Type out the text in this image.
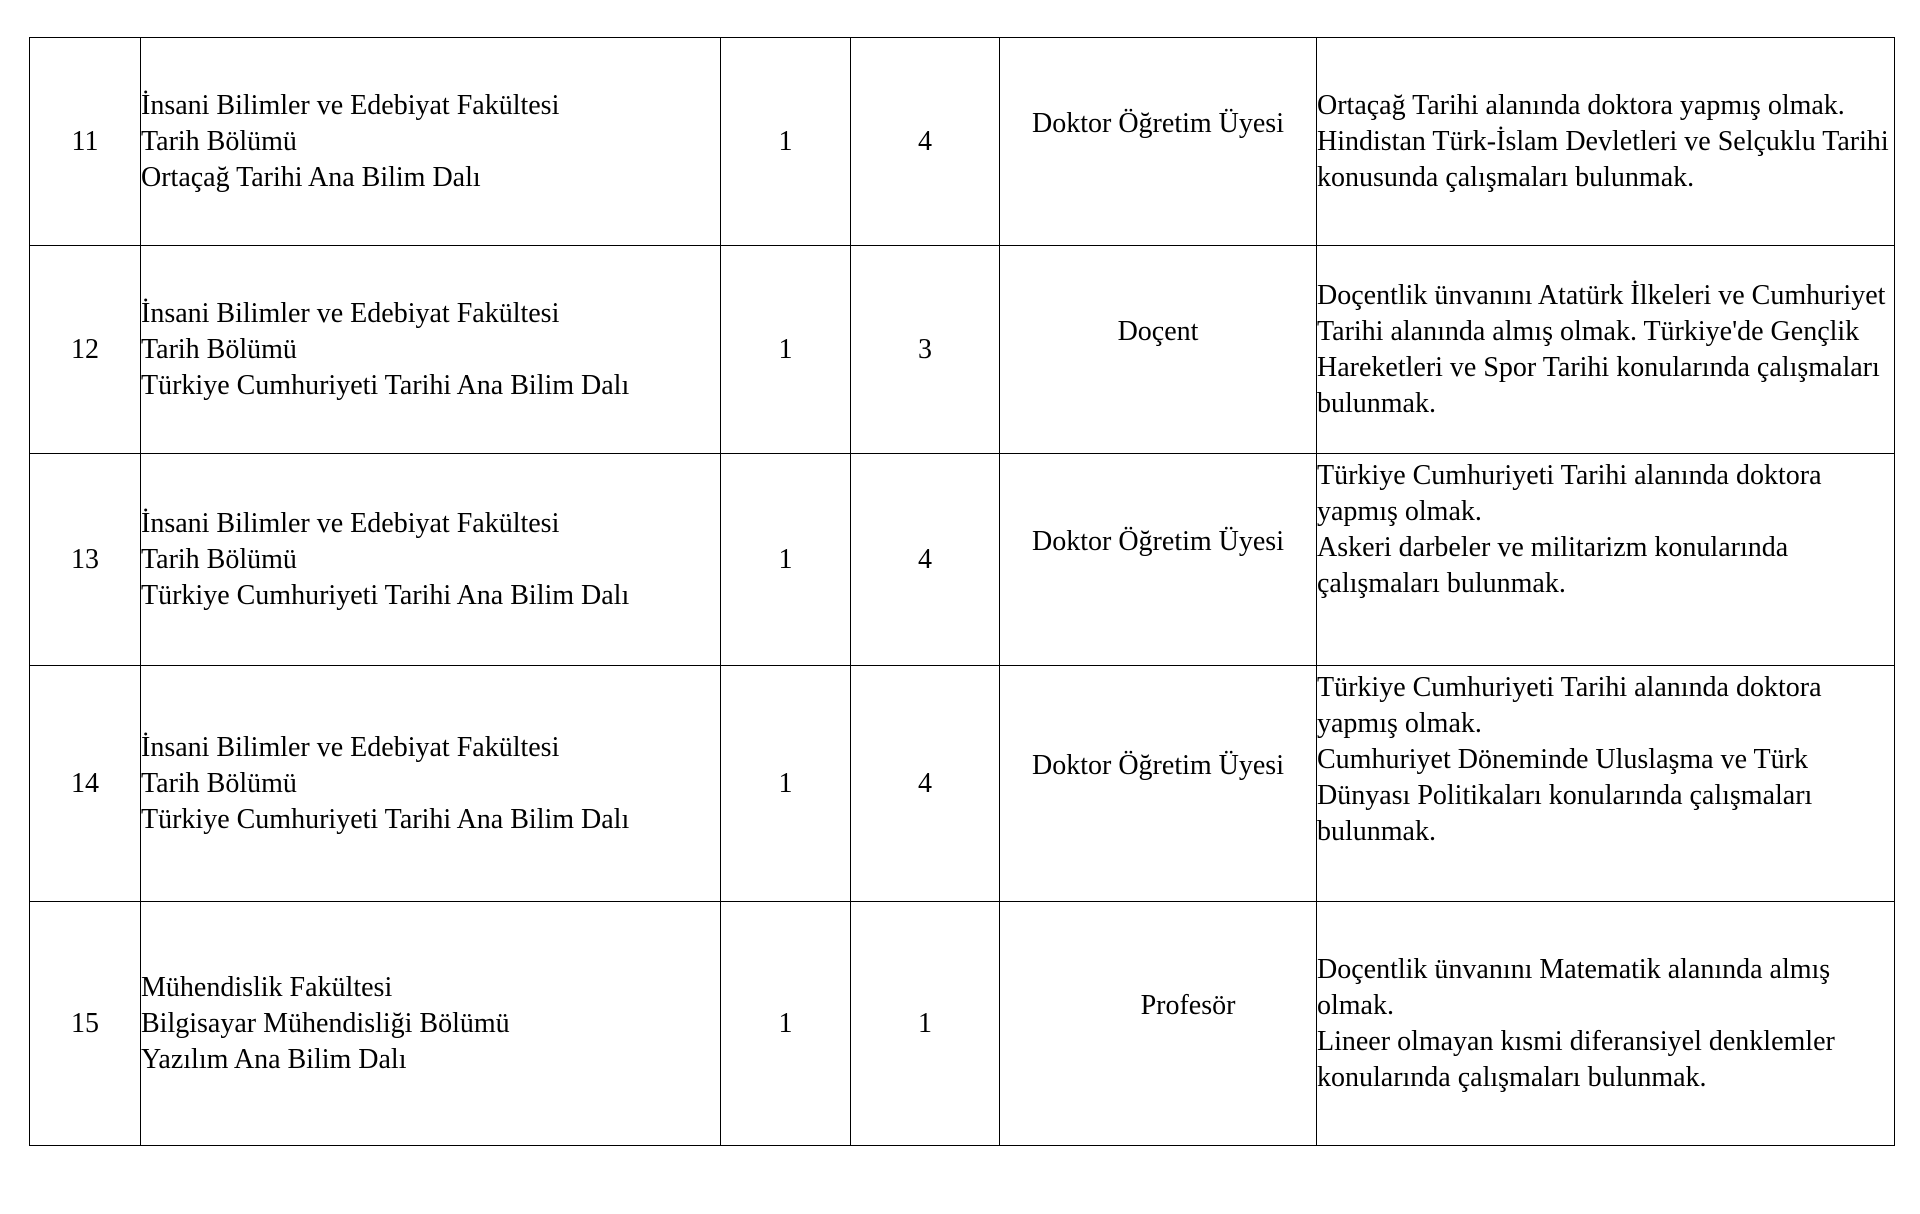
11	İnsani Bilimler ve Edebiyat Fakültesi
Tarih Bölümü
Ortaçağ Tarihi Ana Bilim Dalı	1	4	Doktor Öğretim Üyesi	Ortaçağ Tarihi alanında doktora yapmış olmak. Hindistan Türk-İslam Devletleri ve Selçuklu Tarihi konusunda çalışmaları bulunmak.

12	İnsani Bilimler ve Edebiyat Fakültesi
Tarih Bölümü
Türkiye Cumhuriyeti Tarihi Ana Bilim Dalı	1	3	Doçent	Doçentlik ünvanını Atatürk İlkeleri ve Cumhuriyet Tarihi alanında almış olmak. Türkiye'de Gençlik Hareketleri ve Spor Tarihi konularında çalışmaları bulunmak.

13	İnsani Bilimler ve Edebiyat Fakültesi
Tarih Bölümü
Türkiye Cumhuriyeti Tarihi Ana Bilim Dalı	1	4	Doktor Öğretim Üyesi	Türkiye Cumhuriyeti Tarihi alanında doktora yapmış olmak.
Askeri darbeler ve militarizm konularında çalışmaları bulunmak.

14	İnsani Bilimler ve Edebiyat Fakültesi
Tarih Bölümü
Türkiye Cumhuriyeti Tarihi Ana Bilim Dalı	1	4	Doktor Öğretim Üyesi	Türkiye Cumhuriyeti Tarihi alanında doktora yapmış olmak.
Cumhuriyet Döneminde Uluslaşma ve Türk Dünyası Politikaları konularında çalışmaları bulunmak.

15	Mühendislik Fakültesi
Bilgisayar Mühendisliği Bölümü
Yazılım Ana Bilim Dalı	1	1	Profesör	Doçentlik ünvanını Matematik alanında almış olmak.
Lineer olmayan kısmi diferansiyel denklemler konularında çalışmaları bulunmak.
